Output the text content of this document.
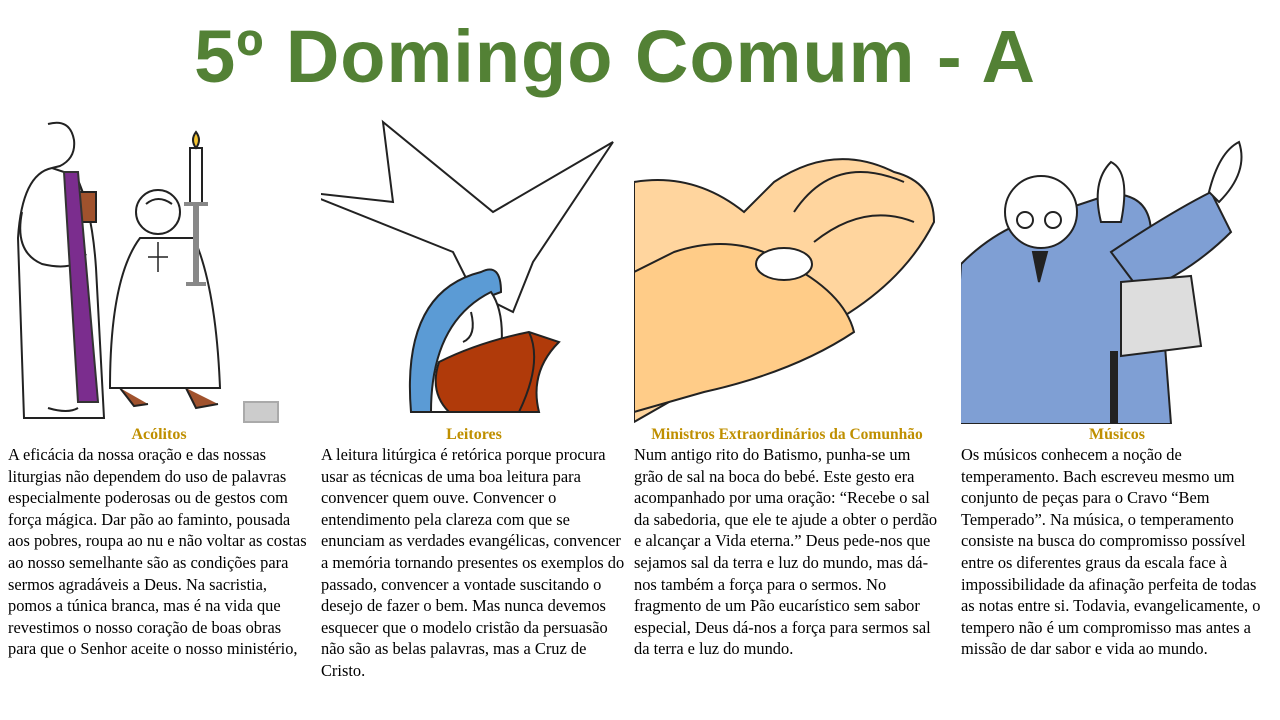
5º Domingo Comum - A
Acólitos
A eficácia da nossa oração e das nossas liturgias não dependem do uso de palavras especialmente poderosas ou de gestos com força mágica. Dar pão ao faminto, pousada aos pobres, roupa ao nu e não voltar as costas ao nosso semelhante são as condições para sermos agradáveis a Deus. Na sacristia, pomos a túnica branca, mas é na vida que revestimos o nosso coração de boas obras para que o Senhor aceite o nosso ministério,
Leitores
A leitura litúrgica é retórica porque procura usar as técnicas de uma boa leitura para convencer quem ouve. Convencer o entendimento pela clareza com que se enunciam as verdades evangélicas, convencer a memória tornando presentes os exemplos do passado, convencer a vontade suscitando o desejo de fazer o bem. Mas nunca devemos esquecer que o modelo cristão da persuasão não são as belas palavras, mas a Cruz de Cristo.
Ministros Extraordinários da Comunhão
Num antigo rito do Batismo, punha-se um grão de sal na boca do bebé. Este gesto era acompanhado por uma oração: “Recebe o sal da sabedoria, que ele te ajude a obter o perdão e alcançar a Vida eterna.” Deus pede-nos que sejamos sal da terra e luz do mundo, mas dá-nos também a força para o sermos. No fragmento de um Pão eucarístico sem sabor especial, Deus dá-nos a força para sermos sal da terra e luz do mundo.
Músicos
Os músicos conhecem a noção de temperamento. Bach escreveu mesmo um conjunto de peças para o Cravo “Bem Temperado”. Na música, o temperamento consiste na busca do compromisso possível entre os diferentes graus da escala face à impossibilidade da afinação perfeita de todas as notas entre si. Todavia, evangelicamente, o tempero não é um compromisso mas antes a missão de dar sabor e vida ao mundo.
